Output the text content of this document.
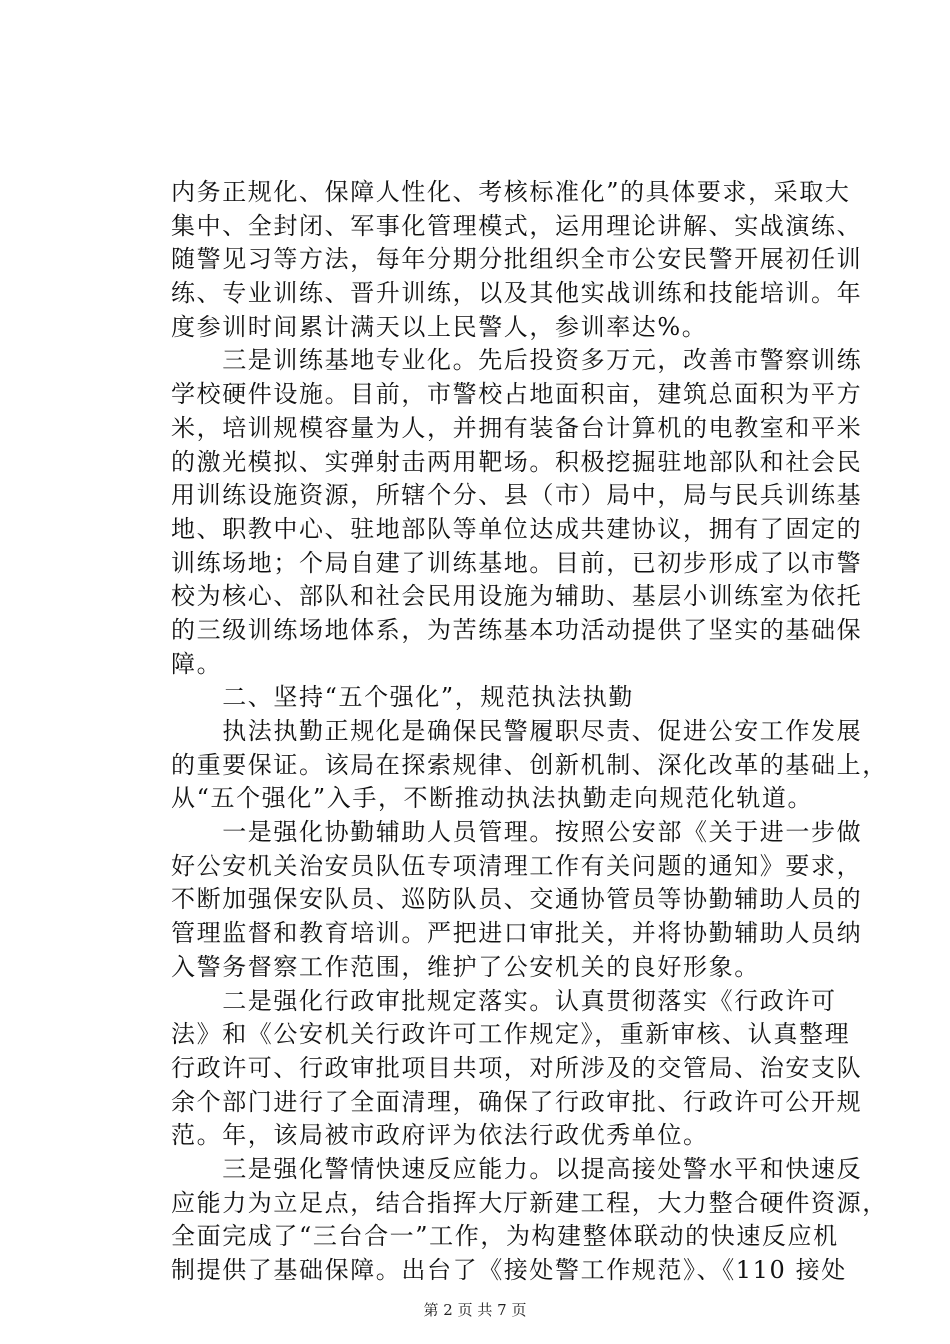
内务正规化、保障人性化、考核标准化”的具体要求，采取大
集中、全封闭、军事化管理模式，运用理论讲解、实战演练、
随警见习等方法，每年分期分批组织全市公安民警开展初任训
练、专业训练、晋升训练，以及其他实战训练和技能培训。年
度参训时间累计满天以上民警人，参训率达%。
　　三是训练基地专业化。先后投资多万元，改善市警察训练
学校硬件设施。目前，市警校占地面积亩，建筑总面积为平方
米，培训规模容量为人，并拥有装备台计算机的电教室和平米
的激光模拟、实弹射击两用靶场。积极挖掘驻地部队和社会民
用训练设施资源，所辖个分、县（市）局中，局与民兵训练基
地、职教中心、驻地部队等单位达成共建协议，拥有了固定的
训练场地；个局自建了训练基地。目前，已初步形成了以市警
校为核心、部队和社会民用设施为辅助、基层小训练室为依托
的三级训练场地体系，为苦练基本功活动提供了坚实的基础保
障。
　　二、坚持“五个强化”，规范执法执勤
　　执法执勤正规化是确保民警履职尽责、促进公安工作发展
的重要保证。该局在探索规律、创新机制、深化改革的基础上，
从“五个强化”入手，不断推动执法执勤走向规范化轨道。
　　一是强化协勤辅助人员管理。按照公安部《关于进一步做
好公安机关治安员队伍专项清理工作有关问题的通知》要求，
不断加强保安队员、巡防队员、交通协管员等协勤辅助人员的
管理监督和教育培训。严把进口审批关，并将协勤辅助人员纳
入警务督察工作范围，维护了公安机关的良好形象。
　　二是强化行政审批规定落实。认真贯彻落实《行政许可
法》和《公安机关行政许可工作规定》，重新审核、认真整理
行政许可、行政审批项目共项，对所涉及的交管局、治安支队
余个部门进行了全面清理，确保了行政审批、行政许可公开规
范。年，该局被市政府评为依法行政优秀单位。
　　三是强化警情快速反应能力。以提高接处警水平和快速反
应能力为立足点，结合指挥大厅新建工程，大力整合硬件资源，
全面完成了“三台合一”工作，为构建整体联动的快速反应机
制提供了基础保障。出台了《接处警工作规范》、《110 接处
第 2 页 共 7 页
